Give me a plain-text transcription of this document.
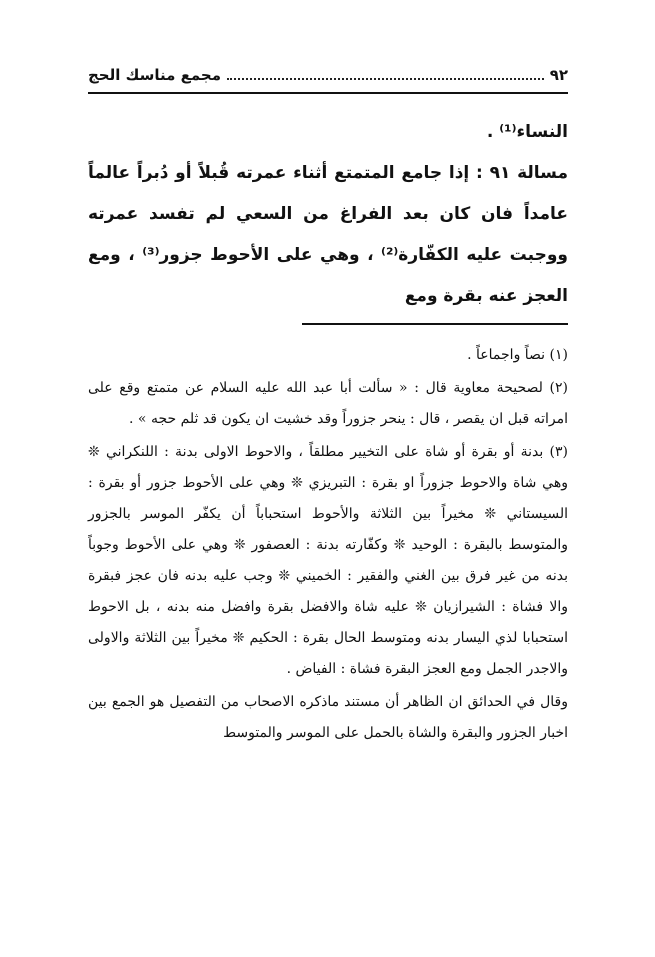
٩٢
مجمع مناسك الحج

النساء⁽¹⁾ .

مسالة ٩١ : إذا جامع المتمتع أثناء عمرته قُبلاً أو دُبراً عالماً عامداً فان كان بعد الفراغ من السعي لم تفسد عمرته ووجبت عليه الكفّارة⁽²⁾ ، وهي على الأحوط جزور⁽³⁾ ، ومع العجز عنه بقرة ومع

(١) نصاً واجماعاً .

(٢) لصحيحة معاوية قال : « سألت أبا عبد الله عليه السلام عن متمتع وقع على امراته قبل ان يقصر ، قال : ينحر جزوراً وقد خشيت ان يكون قد ثلم حجه » .

(٣) بدنة أو بقرة أو شاة على التخيير مطلقاً ، والاحوط الاولى بدنة : اللنكراني ❊ وهي شاة والاحوط جزوراً او بقرة : التبريزي ❊ وهي على الأحوط جزور أو بقرة : السيستاني ❊ مخيراً بين الثلاثة والأحوط استحباباً أن يكفّر الموسر بالجزور والمتوسط بالبقرة : الوحيد ❊ وكفّارته بدنة : العصفور ❊ وهي على الأحوط وجوباً بدنه من غير فرق بين الغني والفقير : الخميني ❊ وجب عليه بدنه فان عجز فبقرة والا فشاة : الشيرازيان ❊ عليه شاة والافضل بقرة وافضل منه بدنه ، بل الاحوط استحبابا لذي اليسار بدنه ومتوسط الحال بقرة : الحكيم ❊ مخيراً بين الثلاثة والاولى والاجدر الجمل ومع العجز البقرة فشاة : الفياض .

وقال في الحدائق ان الظاهر أن مستند ماذكره الاصحاب من التفصيل هو الجمع بين اخبار الجزور والبقرة والشاة بالحمل على الموسر والمتوسط
